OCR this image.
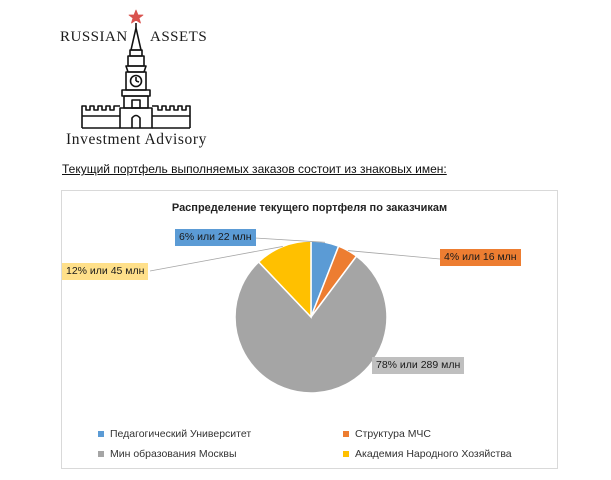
RUSSIAN ASSETS
Investment Advisory
Текущий портфель выполняемых заказов состоит из знаковых имен:
Распределение текущего портфеля по заказчикам
6% или 22 млн
4% или 16 млн
78% или 289 млн
12% или 45 млн
Педагогический Университет	Структура МЧС
Мин образования Москвы	Академия Народного Хозяйства
